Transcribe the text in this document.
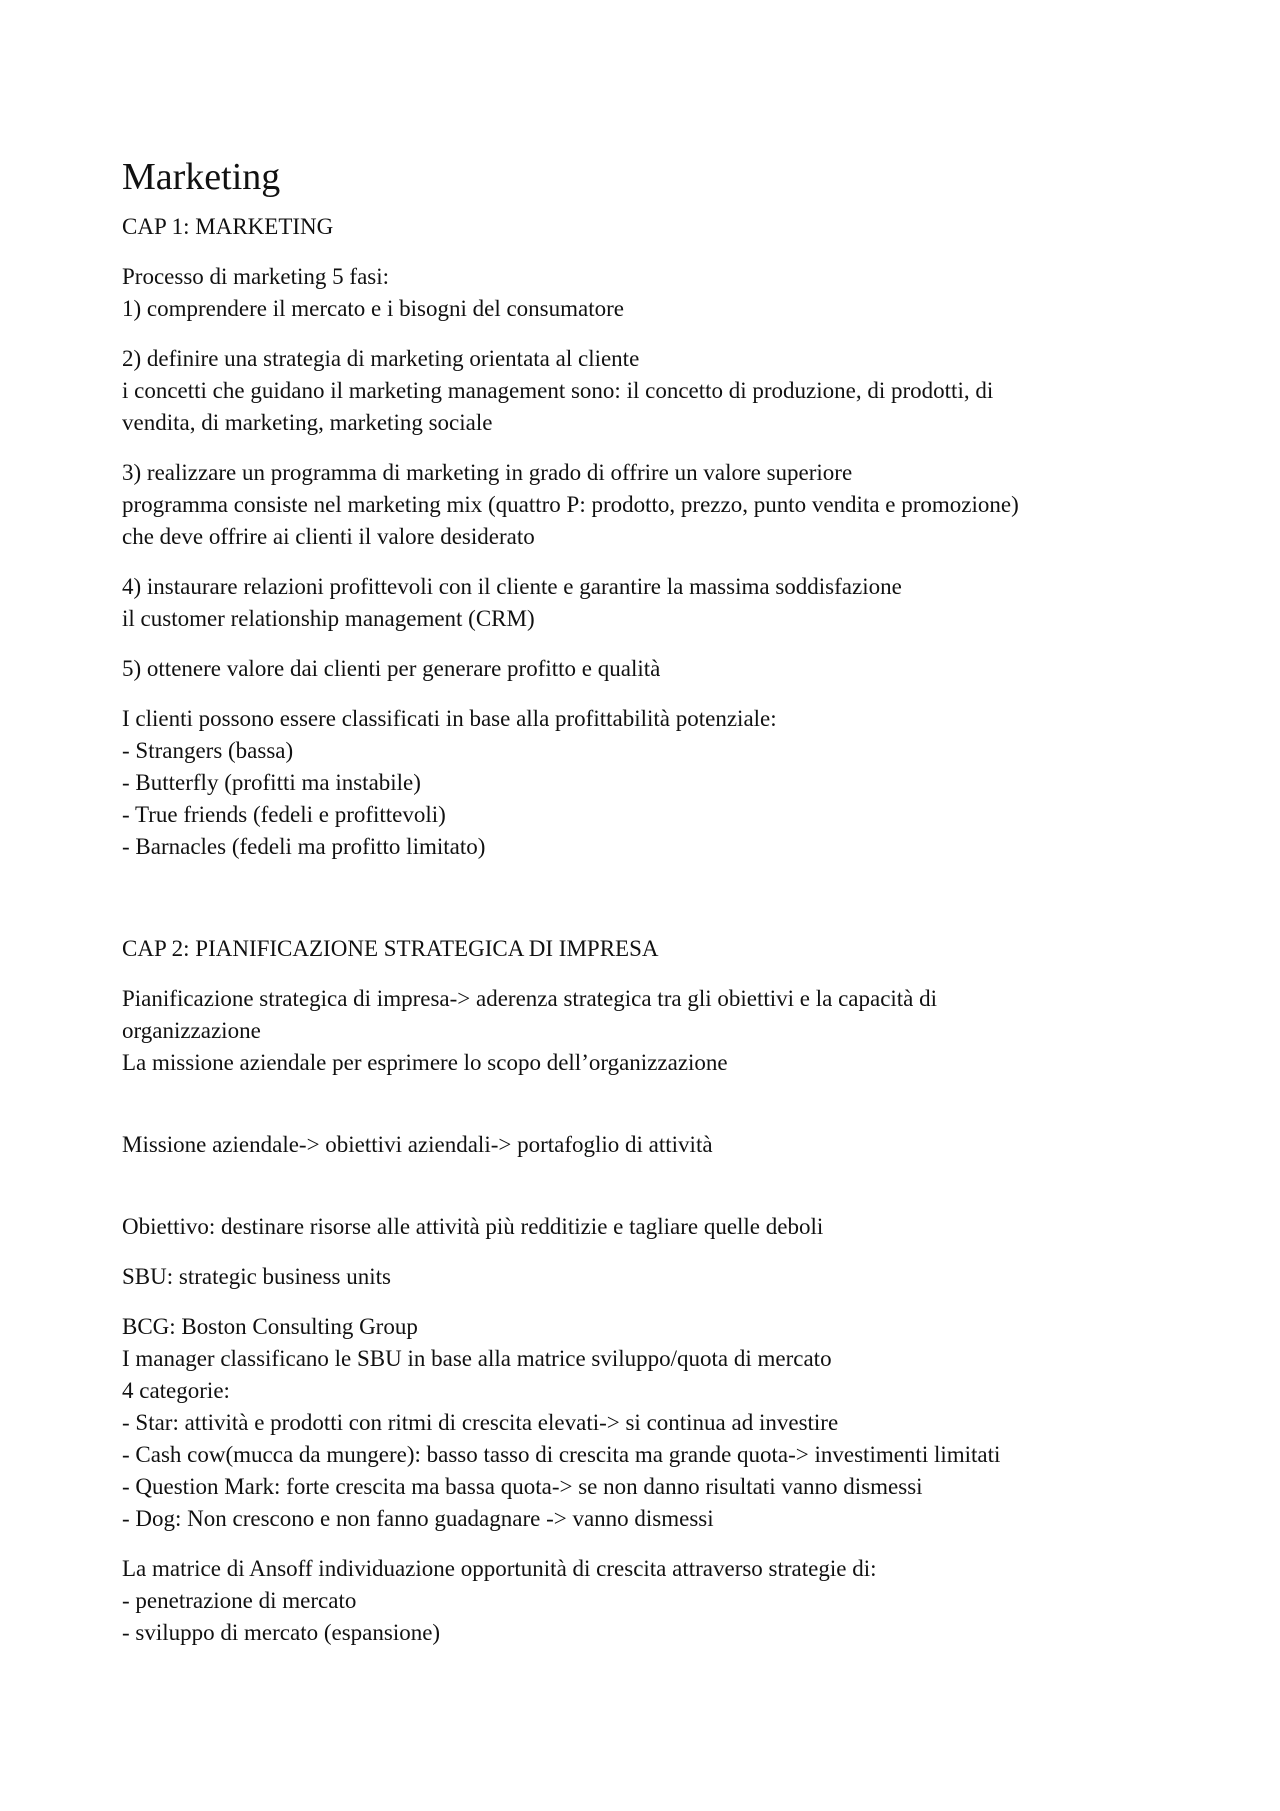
Marketing

CAP 1: MARKETING

Processo di marketing 5 fasi:
1) comprendere il mercato e i bisogni del consumatore

2) definire una strategia di marketing orientata al cliente
i concetti che guidano il marketing management sono: il concetto di produzione, di prodotti, di
vendita, di marketing, marketing sociale

3) realizzare un programma di marketing in grado di offrire un valore superiore
programma consiste nel marketing mix (quattro P: prodotto, prezzo, punto vendita e promozione)
che deve offrire ai clienti il valore desiderato

4) instaurare relazioni profittevoli con il cliente e garantire la massima soddisfazione
il customer relationship management (CRM)

5) ottenere valore dai clienti per generare profitto e qualità

I clienti possono essere classificati in base alla profittabilità potenziale:
- Strangers (bassa)
- Butterfly (profitti ma instabile)
- True friends (fedeli e profittevoli)
- Barnacles (fedeli ma profitto limitato)

CAP 2: PIANIFICAZIONE STRATEGICA DI IMPRESA

Pianificazione strategica di impresa-> aderenza strategica tra gli obiettivi e la capacità di
organizzazione
La missione aziendale per esprimere lo scopo dell’organizzazione

Missione aziendale-> obiettivi aziendali-> portafoglio di attività

Obiettivo: destinare risorse alle attività più redditizie e tagliare quelle deboli

SBU: strategic business units

BCG: Boston Consulting Group
I manager classificano le SBU in base alla matrice sviluppo/quota di mercato
4 categorie:
- Star: attività e prodotti con ritmi di crescita elevati-> si continua ad investire
- Cash cow(mucca da mungere): basso tasso di crescita ma grande quota-> investimenti limitati
- Question Mark: forte crescita ma bassa quota-> se non danno risultati vanno dismessi
- Dog: Non crescono e non fanno guadagnare -> vanno dismessi

La matrice di Ansoff individuazione opportunità di crescita attraverso strategie di:
- penetrazione di mercato
- sviluppo di mercato (espansione)
